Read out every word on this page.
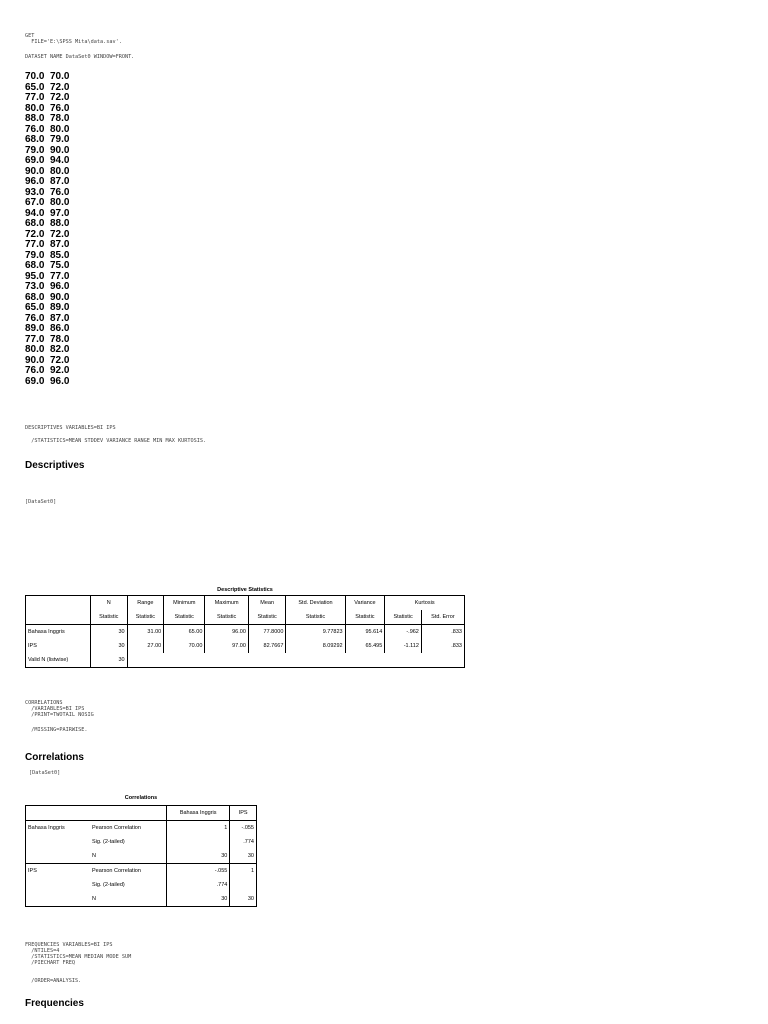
GET
FILE='E:\SPSS Mita\data.sav'.
DATASET NAME DataSet0 WINDOW=FRONT.
70.0 70.0
65.0 72.0
77.0 72.0
80.0 76.0
88.0 78.0
76.0 80.0
68.0 79.0
79.0 90.0
69.0 94.0
90.0 80.0
96.0 87.0
93.0 76.0
67.0 80.0
94.0 97.0
68.0 88.0
72.0 72.0
77.0 87.0
79.0 85.0
68.0 75.0
95.0 77.0
73.0 96.0
68.0 90.0
65.0 89.0
76.0 87.0
89.0 86.0
77.0 78.0
80.0 82.0
90.0 72.0
76.0 92.0
69.0 96.0
DESCRIPTIVES VARIABLES=BI IPS
/STATISTICS=MEAN STDDEV VARIANCE RANGE MIN MAX KURTOSIS.
Descriptives
[DataSet0]
Descriptive Statistics
	N	Range	Minimum	Maximum	Mean	Std. Deviation	Variance	Kurtosis	
	Statistic	Statistic	Statistic	Statistic	Statistic	Statistic	Statistic	Statistic	Std. Error
Bahasa Inggris	30	31.00	65.00	96.00	77.8000	9.77823	95.614	-.962	.833
IPS	30	27.00	70.00	97.00	82.7667	8.09292	65.495	-1.112	.833
Valid N (listwise)	30								
CORRELATIONS
/VARIABLES=BI IPS
/PRINT=TWOTAIL NOSIG
/MISSING=PAIRWISE.
Correlations
[DataSet0]
Correlations
		Bahasa Inggris	IPS
Bahasa Inggris	Pearson Correlation	1	-.055
	Sig. (2-tailed)		.774
	N	30	30
IPS	Pearson Correlation	-.055	1
	Sig. (2-tailed)	.774	
	N	30	30
FREQUENCIES VARIABLES=BI IPS
/NTILES=4
/STATISTICS=MEAN MEDIAN MODE SUM
/PIECHART FREQ
/ORDER=ANALYSIS.
Frequencies
